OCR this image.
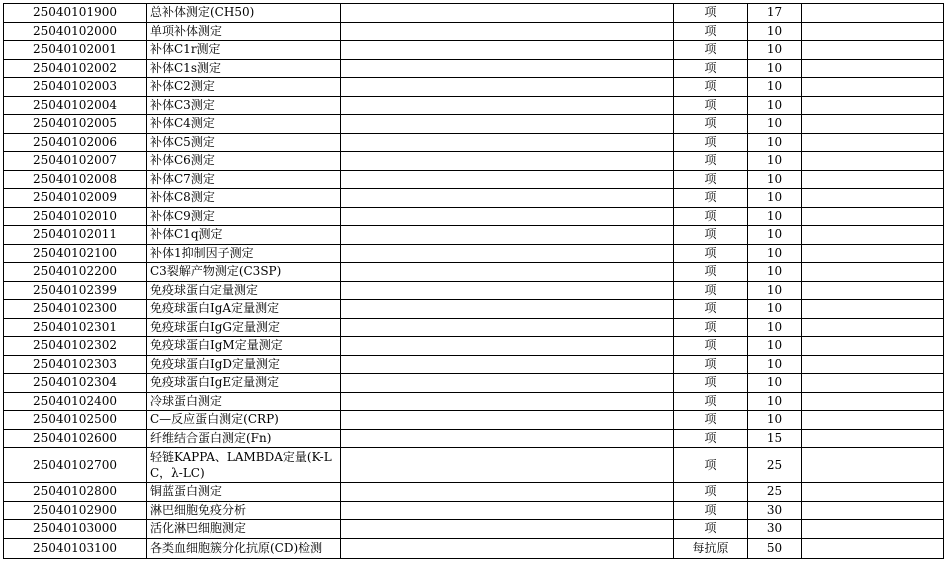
25040101900	总补体测定(CH50)		项	17	
25040102000	单项补体测定		项	10	
25040102001	补体C1r测定		项	10	
25040102002	补体C1s测定		项	10	
25040102003	补体C2测定		项	10	
25040102004	补体C3测定		项	10	
25040102005	补体C4测定		项	10	
25040102006	补体C5测定		项	10	
25040102007	补体C6测定		项	10	
25040102008	补体C7测定		项	10	
25040102009	补体C8测定		项	10	
25040102010	补体C9测定		项	10	
25040102011	补体C1q测定		项	10	
25040102100	补体1抑制因子测定		项	10	
25040102200	C3裂解产物测定(C3SP)		项	10	
25040102399	免疫球蛋白定量测定		项	10	
25040102300	免疫球蛋白IgA定量测定		项	10	
25040102301	免疫球蛋白IgG定量测定		项	10	
25040102302	免疫球蛋白IgM定量测定		项	10	
25040102303	免疫球蛋白IgD定量测定		项	10	
25040102304	免疫球蛋白IgE定量测定		项	10	
25040102400	冷球蛋白测定		项	10	
25040102500	C—反应蛋白测定(CRP)		项	10	
25040102600	纤维结合蛋白测定(Fn)		项	15	
25040102700	轻链KAPPA、LAMBDA定量(K-LC，λ-LC)		项	25	
25040102800	铜蓝蛋白测定		项	25	
25040102900	淋巴细胞免疫分析		项	30	
25040103000	活化淋巴细胞测定		项	30	
25040103100	各类血细胞簇分化抗原(CD)检测		每抗原	50	
